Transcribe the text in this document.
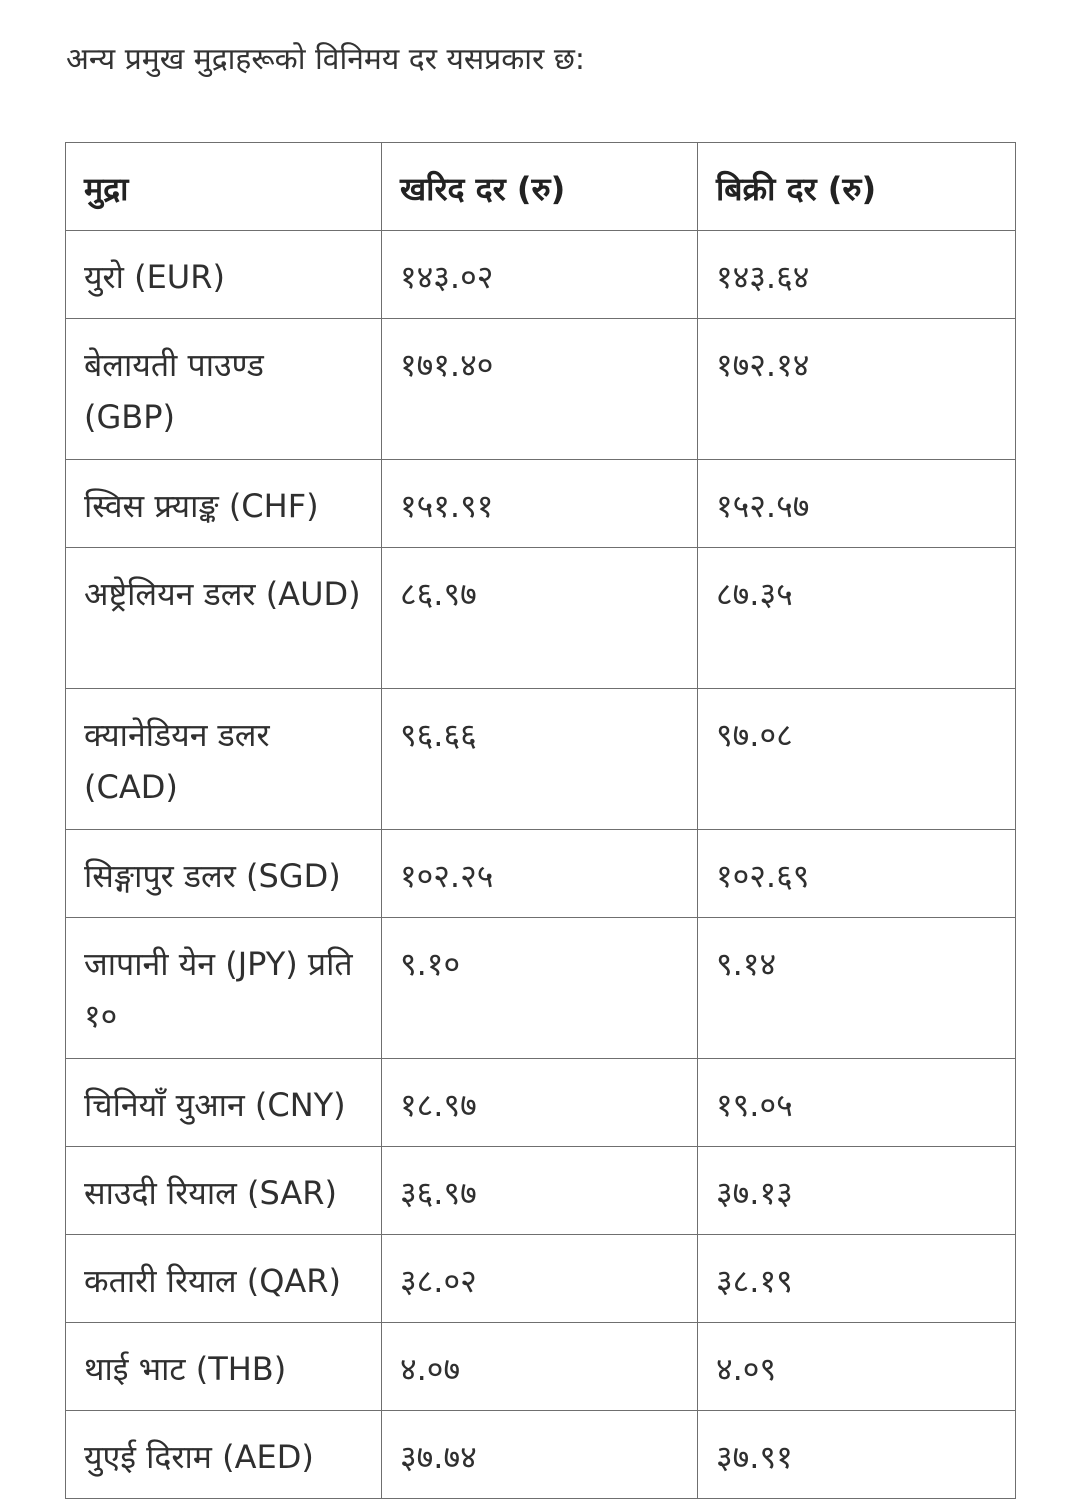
अन्य प्रमुख मुद्राहरूको विनिमय दर यसप्रकार छ:
मुद्रा	खरिद दर (रु)	बिक्री दर (रु)
युरो (EUR)	१४३.०२	१४३.६४
बेलायती पाउण्ड (GBP)	१७१.४०	१७२.१४
स्विस फ्र्याङ्क (CHF)	१५१.९१	१५२.५७
अष्ट्रेलियन डलर (AUD)	८६.९७	८७.३५
क्यानेडियन डलर (CAD)	९६.६६	९७.०८
सिङ्गापुर डलर (SGD)	१०२.२५	१०२.६९
जापानी येन (JPY) प्रति १०	९.१०	९.१४
चिनियाँ युआन (CNY)	१८.९७	१९.०५
साउदी रियाल (SAR)	३६.९७	३७.१३
कतारी रियाल (QAR)	३८.०२	३८.१९
थाई भाट (THB)	४.०७	४.०९
युएई दिराम (AED)	३७.७४	३७.९१
